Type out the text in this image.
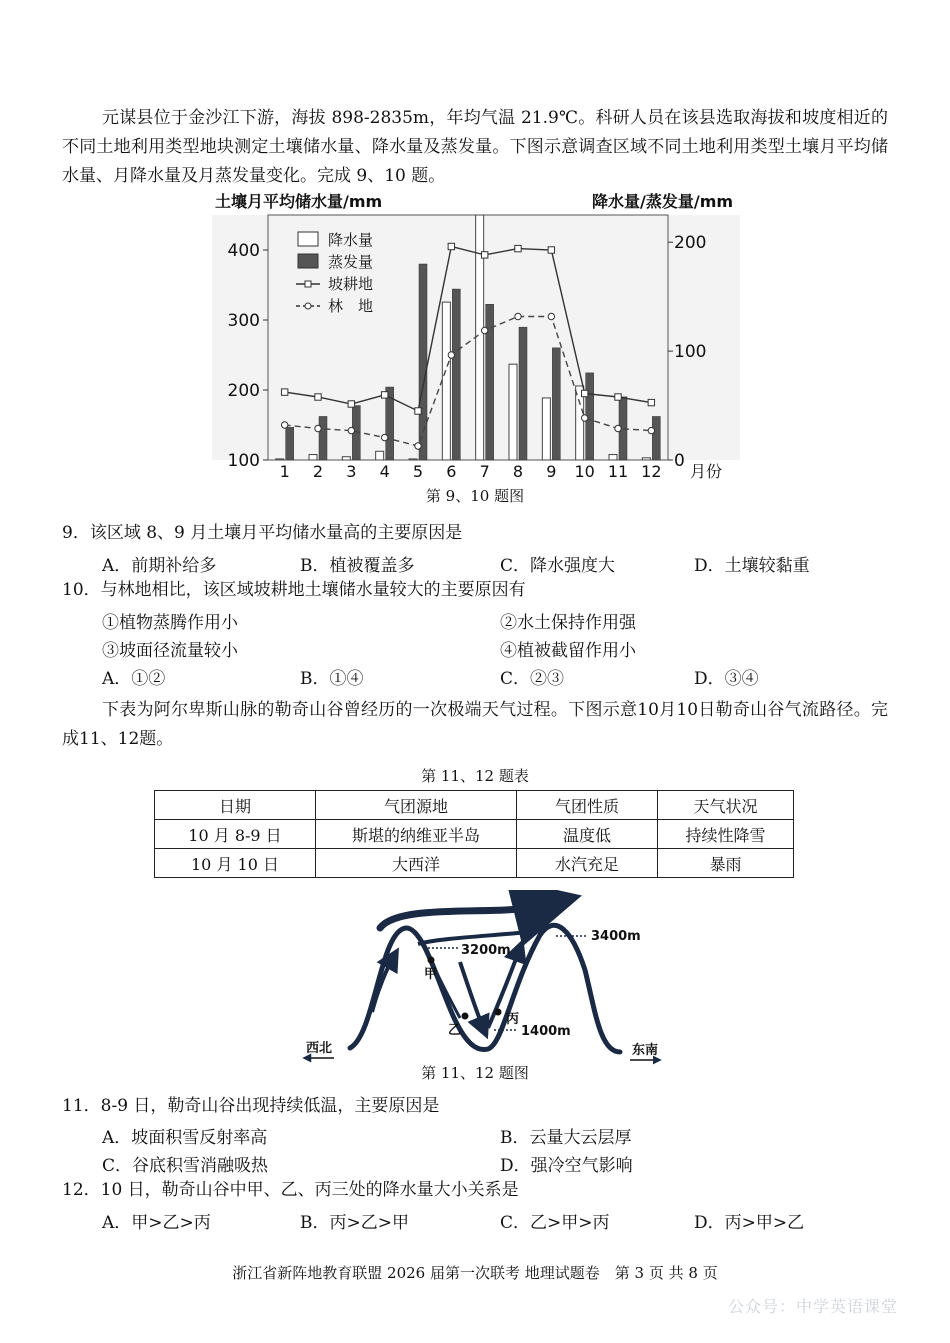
元谋县位于金沙江下游，海拔 898-2835m，年均气温 21.9℃。科研人员在该县选取海拔和坡度相近的不同土地利用类型地块测定土壤储水量、降水量及蒸发量。下图示意调查区域不同土地利用类型土壤月平均储水量、月降水量及月蒸发量变化。完成 9、10 题。
土壤月平均储水量/mm	降水量/蒸发量/mm
100
200
300
400
0
100
200
1 2 3 4 5 6 7 8 9 10 11 12 月份
降水量
蒸发量
坡耕地
林　地
第 9、10 题图
9．该区域 8、9 月土壤月平均储水量高的主要原因是
A．前期补给多	B．植被覆盖多	C．降水强度大	D．土壤较黏重
10．与林地相比，该区域坡耕地土壤储水量较大的主要原因有
①植物蒸腾作用小	②水土保持作用强
③坡面径流量较小	④植被截留作用小
A．①②	B．①④	C．②③	D．③④
下表为阿尔卑斯山脉的勒奇山谷曾经历的一次极端天气过程。下图示意10月10日勒奇山谷气流路径。完成11、12题。
第 11、12 题表
日期	气团源地	气团性质	天气状况
10 月 8-9 日	斯堪的纳维亚半岛	温度低	持续性降雪
10 月 10 日	大西洋	水汽充足	暴雨
3400m
3200m
1400m
甲
乙
丙
西北	东南
第 11、12 题图
11．8-9 日，勒奇山谷出现持续低温，主要原因是
A．坡面积雪反射率高	B．云量大云层厚
C．谷底积雪消融吸热	D．强冷空气影响
12．10 日，勒奇山谷中甲、乙、丙三处的降水量大小关系是
A．甲>乙>丙	B．丙>乙>甲	C．乙>甲>丙	D．丙>甲>乙
浙江省新阵地教育联盟 2026 届第一次联考 地理试题卷　第 3 页 共 8 页
公众号：中学英语课堂
